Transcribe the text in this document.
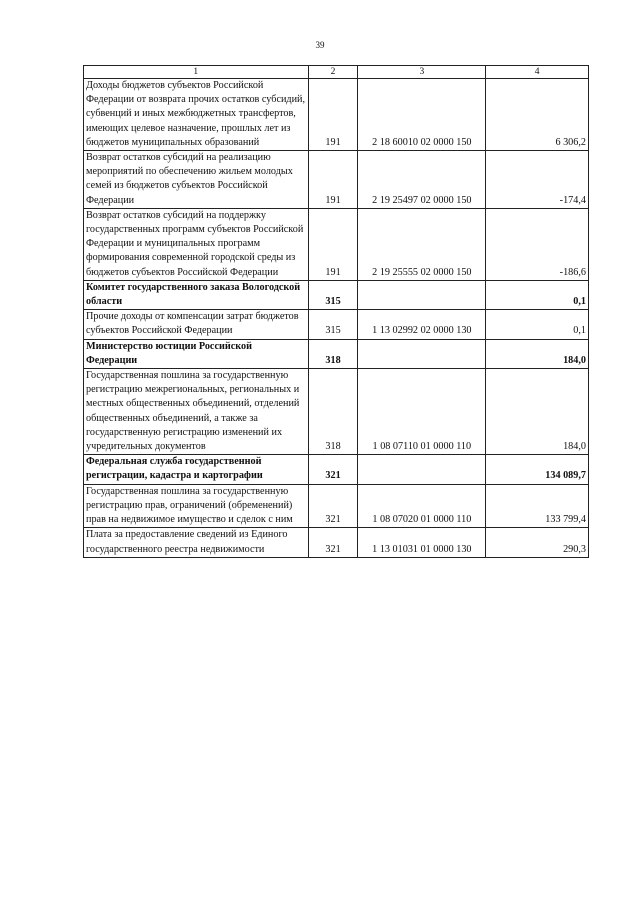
39
1	2	3	4
Доходы бюджетов субъектов Российской Федерации от возврата прочих остатков субсидий, субвенций и иных межбюджетных трансфертов, имеющих целевое назначение, прошлых лет из бюджетов муниципальных образований	191	2 18 60010 02 0000 150	6 306,2
Возврат остатков субсидий на реализацию мероприятий по обеспечению жильем молодых семей из бюджетов субъектов Российской Федерации	191	2 19 25497 02 0000 150	-174,4
Возврат остатков субсидий на поддержку государственных программ субъектов Российской Федерации и муниципальных программ формирования современной городской среды из бюджетов субъектов Российской Федерации	191	2 19 25555 02 0000 150	-186,6
Комитет государственного заказа Вологодской области	315		0,1
Прочие доходы от компенсации затрат бюджетов субъектов Российской Федерации	315	1 13 02992 02 0000 130	0,1
Министерство юстиции Российской Федерации	318		184,0
Государственная пошлина за государственную регистрацию межрегиональных, региональных и местных общественных объединений, отделений общественных объединений, а также за государственную регистрацию изменений их учредительных документов	318	1 08 07110 01 0000 110	184,0
Федеральная служба государственной регистрации, кадастра и картографии	321		134 089,7
Государственная пошлина за государственную регистрацию прав, ограничений (обременений) прав на недвижимое имущество и сделок с ним	321	1 08 07020 01 0000 110	133 799,4
Плата за предоставление сведений из Единого государственного реестра недвижимости	321	1 13 01031 01 0000 130	290,3
